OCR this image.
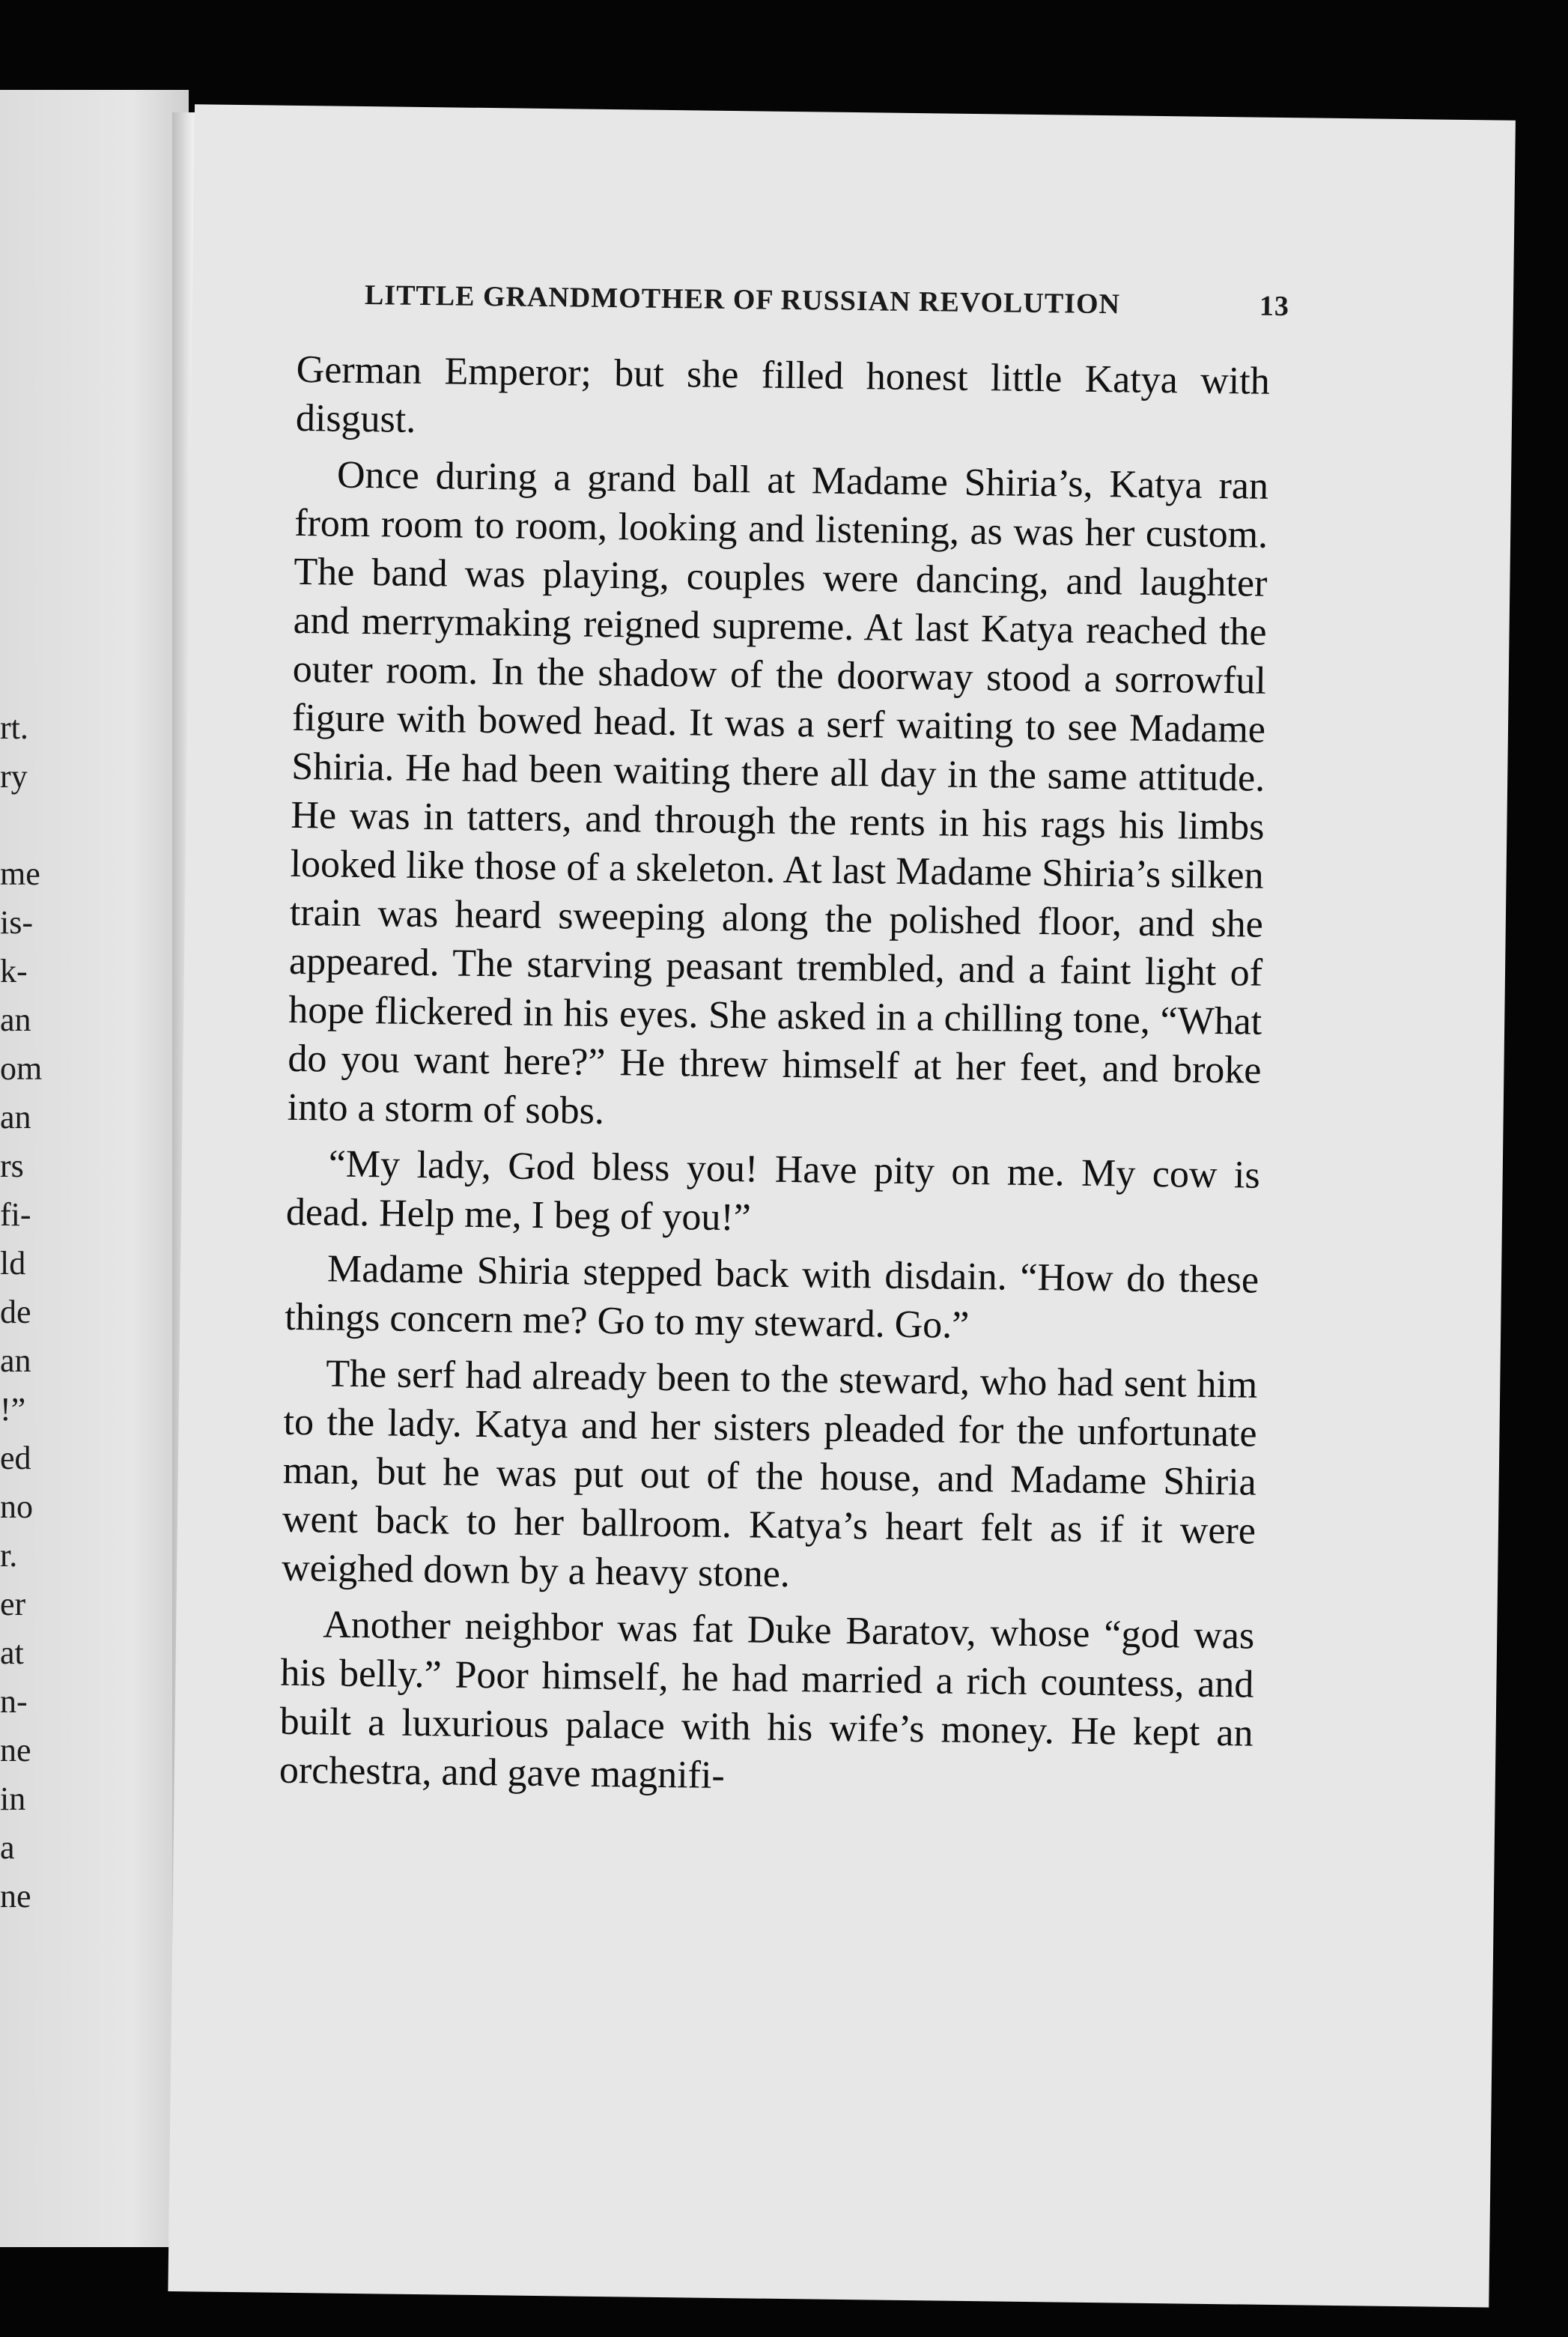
rt.
ry
me
is-
k-
an
om
an
rs
fi-
ld
de
an
!”
ed
no
r.
er
at
n-
ne
in
a
ne
LITTLE GRANDMOTHER OF RUSSIAN REVOLUTION	13

German Emperor; but she filled honest little Katya with disgust.

Once during a grand ball at Madame Shiria’s, Katya ran from room to room, looking and listening, as was her custom. The band was playing, couples were dancing, and laughter and merrymaking reigned supreme. At last Katya reached the outer room. In the shadow of the doorway stood a sorrowful figure with bowed head. It was a serf waiting to see Madame Shiria. He had been waiting there all day in the same attitude. He was in tatters, and through the rents in his rags his limbs looked like those of a skeleton. At last Madame Shiria’s silken train was heard sweeping along the polished floor, and she appeared. The starving peasant trembled, and a faint light of hope flickered in his eyes. She asked in a chilling tone, “What do you want here?” He threw himself at her feet, and broke into a storm of sobs.

“My lady, God bless you! Have pity on me. My cow is dead. Help me, I beg of you!”

Madame Shiria stepped back with disdain. “How do these things concern me? Go to my steward. Go.”

The serf had already been to the steward, who had sent him to the lady. Katya and her sisters pleaded for the unfortunate man, but he was put out of the house, and Madame Shiria went back to her ballroom. Katya’s heart felt as if it were weighed down by a heavy stone.

Another neighbor was fat Duke Baratov, whose “god was his belly.” Poor himself, he had married a rich countess, and built a luxurious palace with his wife’s money. He kept an orchestra, and gave magnifi-
